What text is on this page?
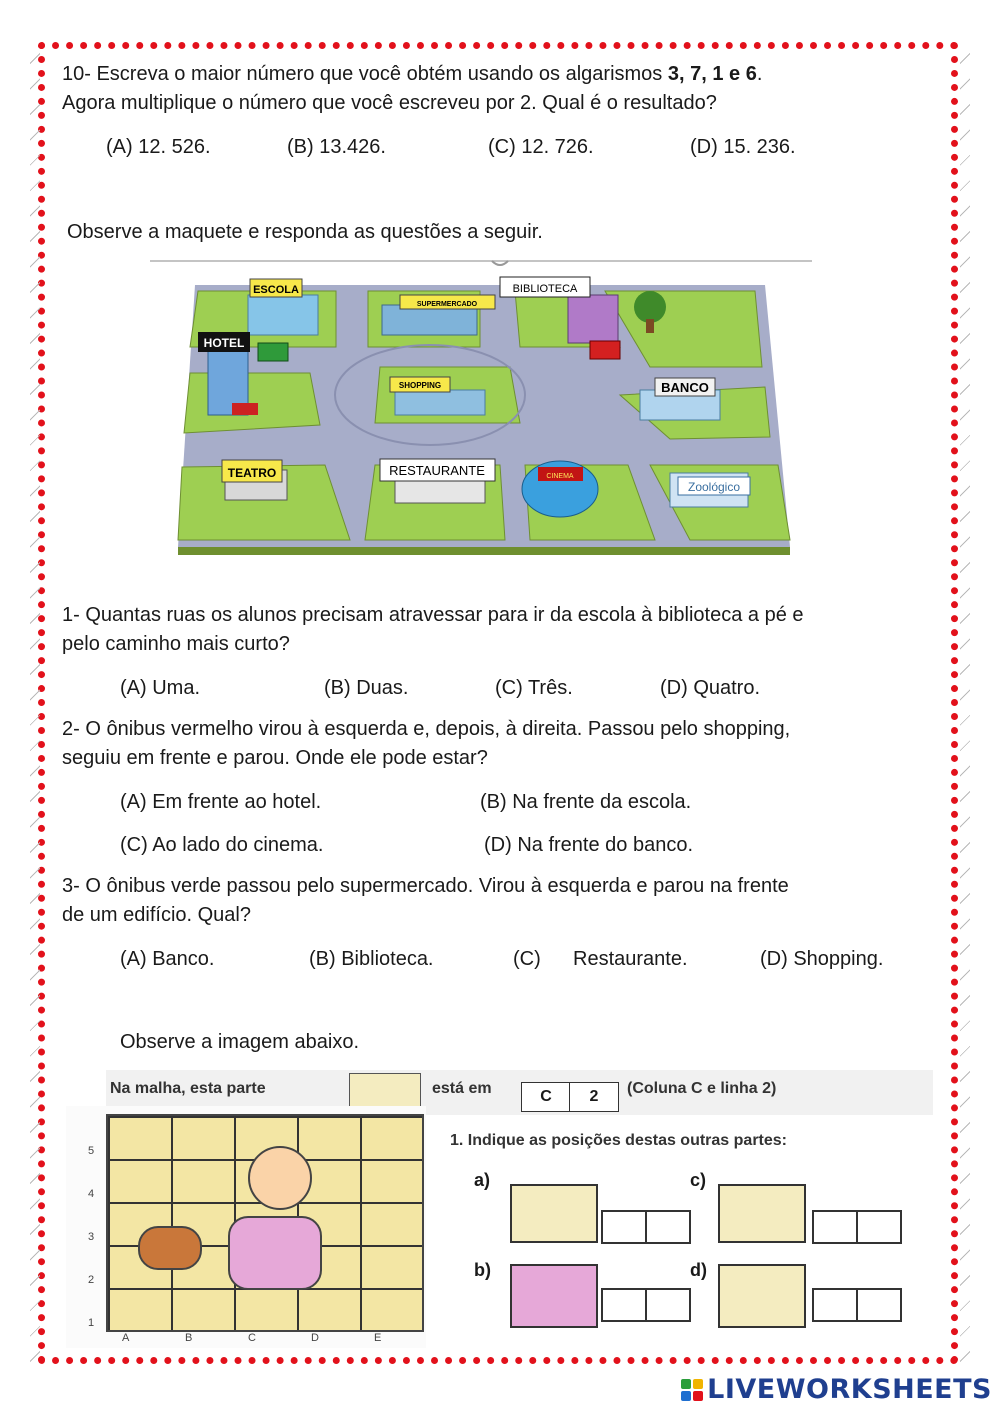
10- Escreva o maior número que você obtém usando os algarismos 3, 7, 1 e 6.
Agora multiplique o número que você escreveu por 2. Qual é o resultado?
(A) 12. 526.	(B) 13.426.	(C) 12. 726.	(D) 15. 236.
Observe a maquete e responda as questões a seguir.
ESCOLA
SUPERMERCADO
BIBLIOTECA
HOTEL
SHOPPING	BANCO
TEATRO	RESTAURANTE	CINEMA
Zoológico
1- Quantas ruas os alunos precisam atravessar para ir da escola à biblioteca a pé e
pelo caminho mais curto?
(A) Uma.	(B) Duas.	(C) Três.	(D) Quatro.
2- O ônibus vermelho virou à esquerda e, depois, à direita. Passou pelo shopping,
seguiu em frente e parou. Onde ele pode estar?
(A) Em frente ao hotel.	(B) Na frente da escola.
(C) Ao lado do cinema.	(D) Na frente do banco.
3- O ônibus verde passou pelo supermercado. Virou à esquerda e parou na frente
de um edifício. Qual?
(A) Banco.	(B) Biblioteca.	(C) Restaurante.	(D) Shopping.
Observe a imagem abaixo.
Na malha, esta parte	está em	C	2	(Coluna C e linha 2)
5
4
3
2
1
A	B	C	D	E
1. Indique as posições destas outras partes:
a)
b)
c)
d)
LIVEWORKSHEETS
